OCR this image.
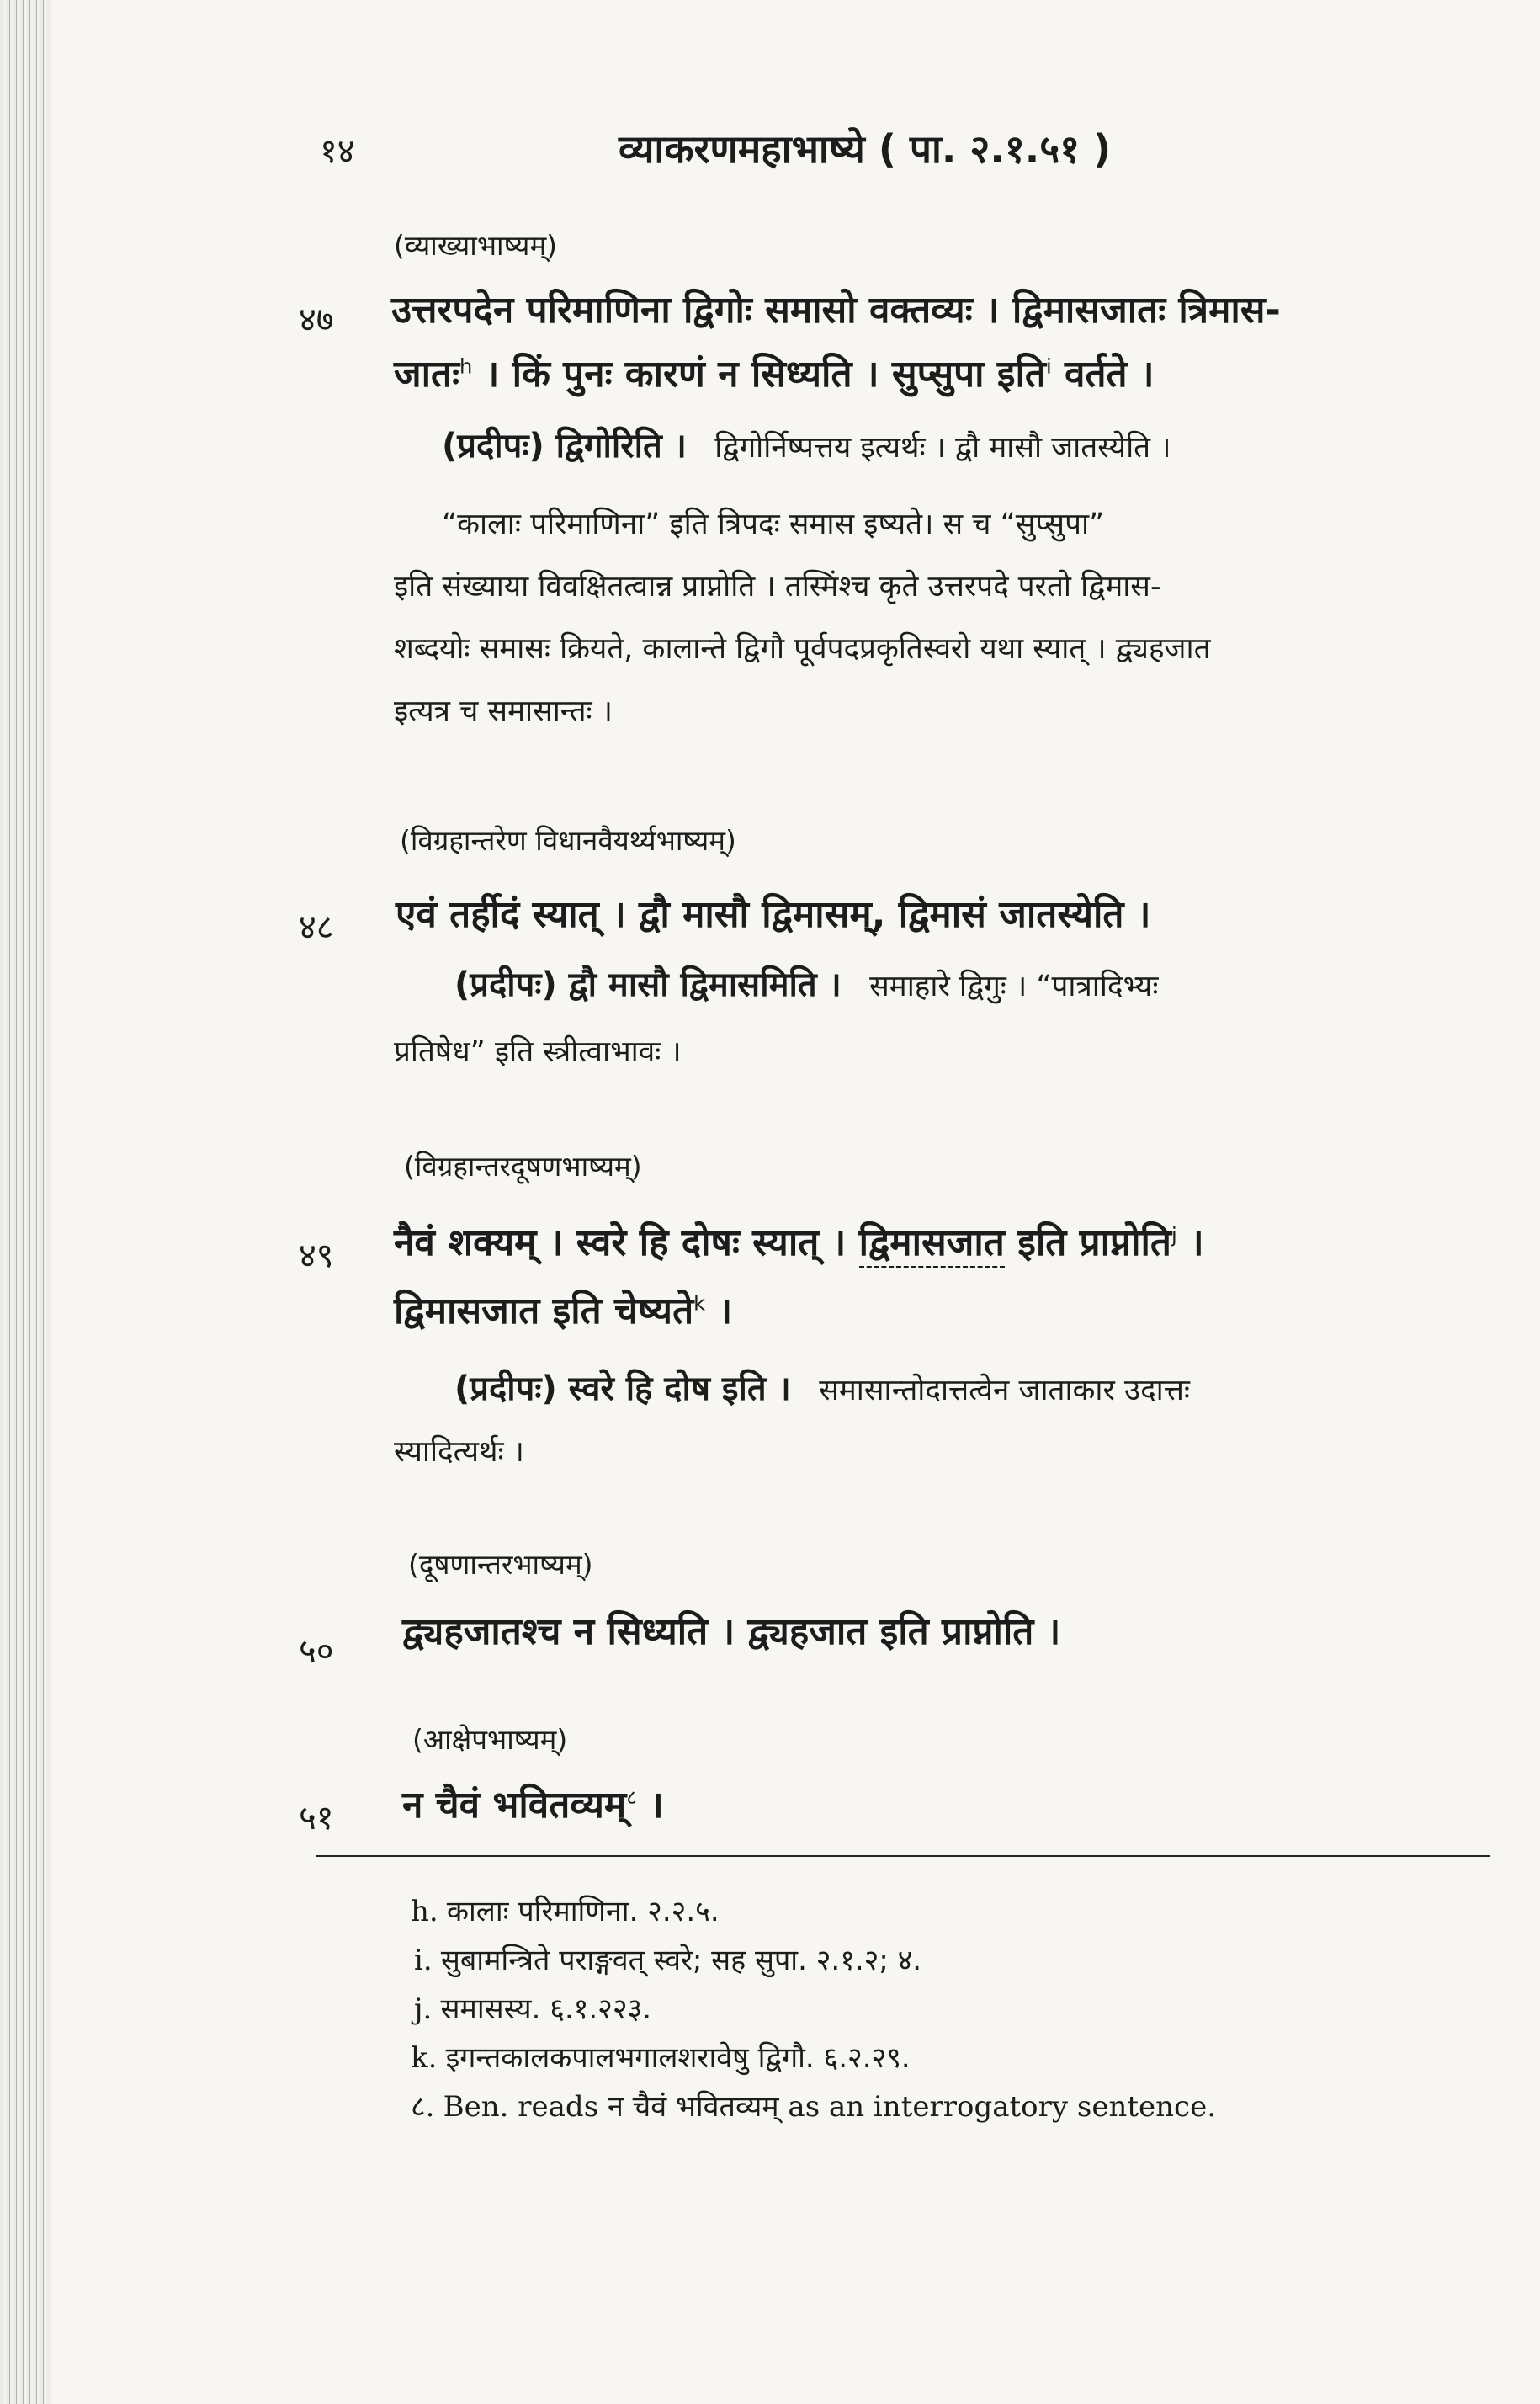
१४	व्याकरणमहाभाष्ये ( पा. २.१.५१ )
(व्याख्याभाष्यम्)
४७ उत्तरपदेन परिमाणिना द्विगोः समासो वक्तव्यः । द्विमासजातः त्रिमास-
जातः$^h$ । किं पुनः कारणं न सिध्यति । सुप्सुपा इति$^i$ वर्तते ।
(प्रदीपः) द्विगोरिति । द्विगोर्निष्पत्तय इत्यर्थः । द्वौ मासौ जातस्येति ।
“कालाः परिमाणिना” इति त्रिपदः समास इष्यते। स च “सुप्सुपा”
इति संख्याया विवक्षितत्वान्न प्राप्नोति । तस्मिंश्च कृते उत्तरपदे परतो द्विमास-
शब्दयोः समासः क्रियते, कालान्ते द्विगौ पूर्वपदप्रकृतिस्वरो यथा स्यात् । द्व्यहजात
इत्यत्र च समासान्तः ।
(विग्रहान्तरेण विधानवैयर्थ्यभाष्यम्)
४८ एवं तर्हीदं स्यात् । द्वौ मासौ द्विमासम्, द्विमासं जातस्येति ।
(प्रदीपः) द्वौ मासौ द्विमासमिति । समाहारे द्विगुः । “पात्रादिभ्यः
प्रतिषेध” इति स्त्रीत्वाभावः ।
(विग्रहान्तरदूषणभाष्यम्)
४९ नैवं शक्यम् । स्वरे हि दोषः स्यात् । द्विमासजात इति प्राप्नोति$^j$ ।
द्विमासजात इति चेष्यते$^k$ ।
(प्रदीपः) स्वरे हि दोष इति । समासान्तोदात्तत्वेन जाताकार उदात्तः
स्यादित्यर्थः ।
(दूषणान्तरभाष्यम्)
५० द्व्यहजातश्च न सिध्यति । द्व्यहजात इति प्राप्नोति ।
(आक्षेपभाष्यम्)
५१ न चैवं भवितव्यम्$^८$ ।
h. कालाः परिमाणिना. २.२.५.
i. सुबामन्त्रिते पराङ्गवत् स्वरे; सह सुपा. २.१.२; ४.
j. समासस्य. ६.१.२२३.
k. इगन्तकालकपालभगालशरावेषु द्विगौ. ६.२.२९.
८. Ben. reads न चैवं भवितव्यम् as an interrogatory sentence.
